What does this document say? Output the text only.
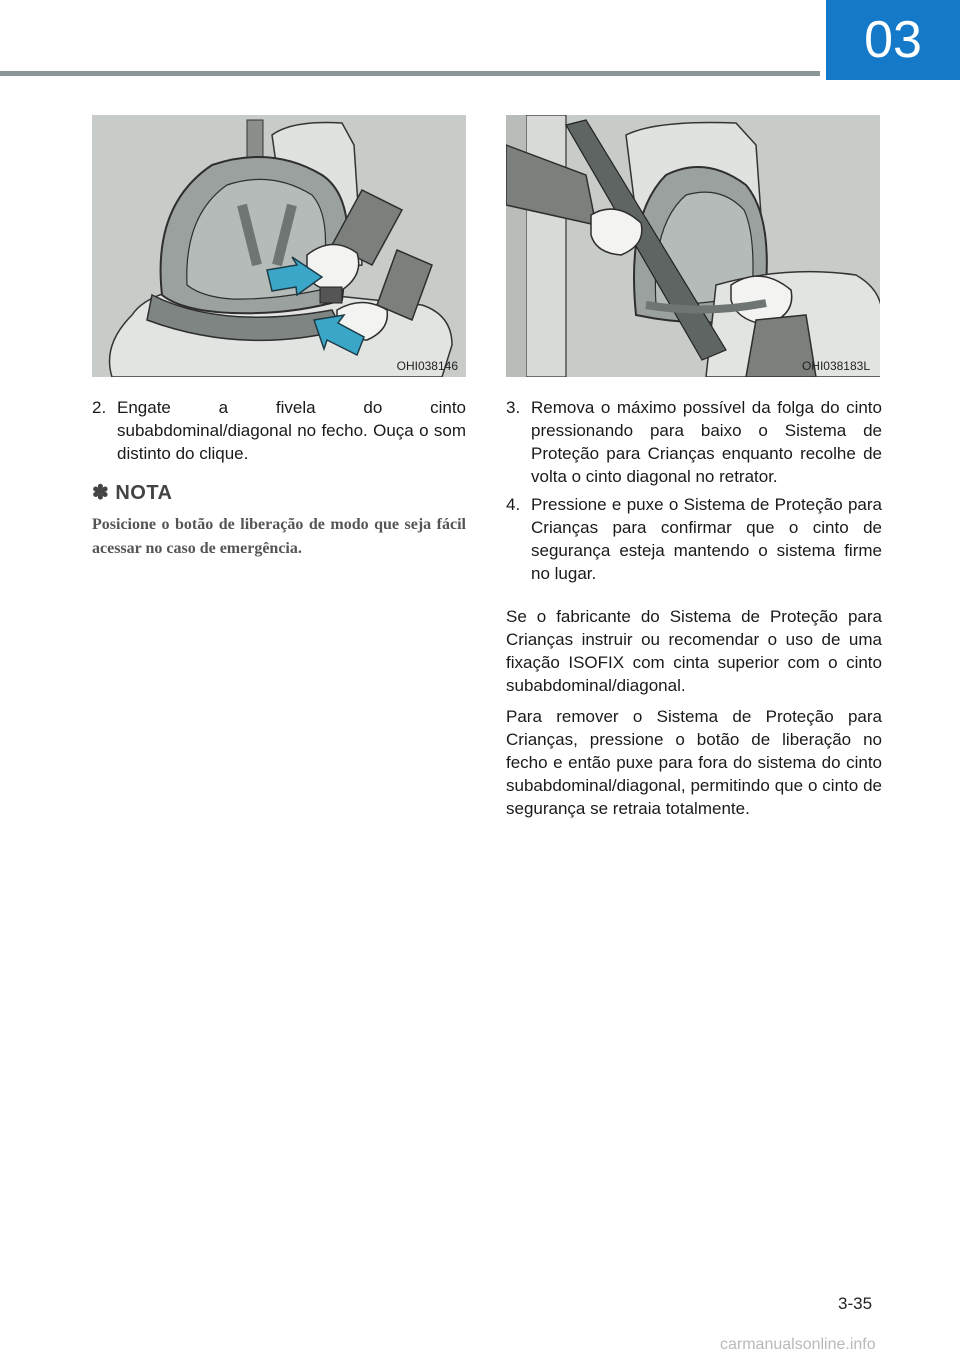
03
OHI038146	OHI038183L
2. Engate a fivela do cinto subabdominal/diagonal no fecho. Ouça o som distinto do clique.
✽ NOTA
Posicione o botão de liberação de modo que seja fácil acessar no caso de emergência.
3. Remova o máximo possível da folga do cinto pressionando para baixo o Sistema de Proteção para Crianças enquanto recolhe de volta o cinto diagonal no retrator.
4. Pressione e puxe o Sistema de Proteção para Crianças para confirmar que o cinto de segurança esteja mantendo o sistema firme no lugar.

Se o fabricante do Sistema de Proteção para Crianças instruir ou recomendar o uso de uma fixação ISOFIX com cinta superior com o cinto subabdominal/diagonal.

Para remover o Sistema de Proteção para Crianças, pressione o botão de liberação no fecho e então puxe para fora do sistema do cinto subabdominal/diagonal, permitindo que o cinto de segurança se retraia totalmente.

3-35
carmanualsonline.info
